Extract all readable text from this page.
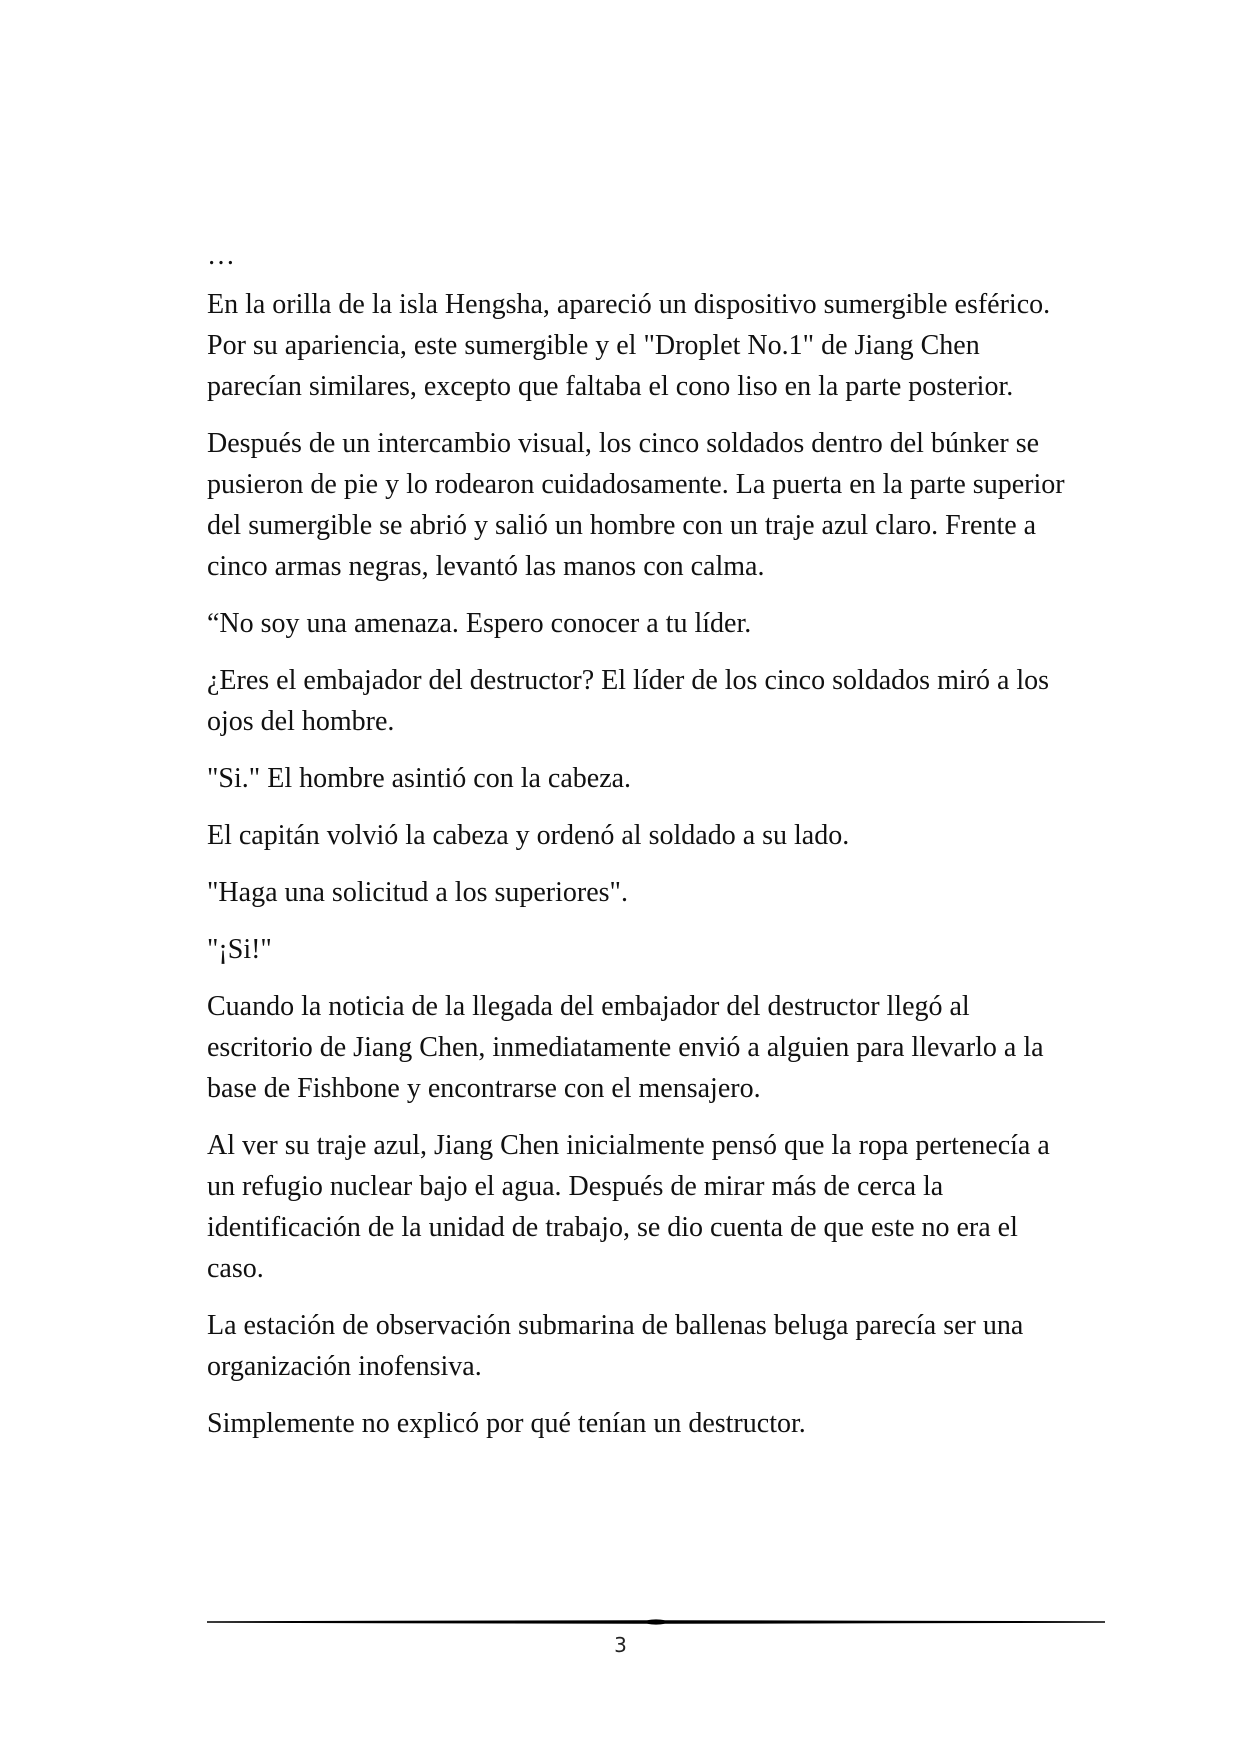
…

En la orilla de la isla Hengsha, apareció un dispositivo sumergible esférico. Por su apariencia, este sumergible y el "Droplet No.1" de Jiang Chen parecían similares, excepto que faltaba el cono liso en la parte posterior.

Después de un intercambio visual, los cinco soldados dentro del búnker se pusieron de pie y lo rodearon cuidadosamente. La puerta en la parte superior del sumergible se abrió y salió un hombre con un traje azul claro. Frente a cinco armas negras, levantó las manos con calma.

“No soy una amenaza. Espero conocer a tu líder.

¿Eres el embajador del destructor? El líder de los cinco soldados miró a los ojos del hombre.

"Si." El hombre asintió con la cabeza.

El capitán volvió la cabeza y ordenó al soldado a su lado.

"Haga una solicitud a los superiores".

"¡Si!"

Cuando la noticia de la llegada del embajador del destructor llegó al escritorio de Jiang Chen, inmediatamente envió a alguien para llevarlo a la base de Fishbone y encontrarse con el mensajero.

Al ver su traje azul, Jiang Chen inicialmente pensó que la ropa pertenecía a un refugio nuclear bajo el agua. Después de mirar más de cerca la identificación de la unidad de trabajo, se dio cuenta de que este no era el caso.

La estación de observación submarina de ballenas beluga parecía ser una organización inofensiva.

Simplemente no explicó por qué tenían un destructor.

3
